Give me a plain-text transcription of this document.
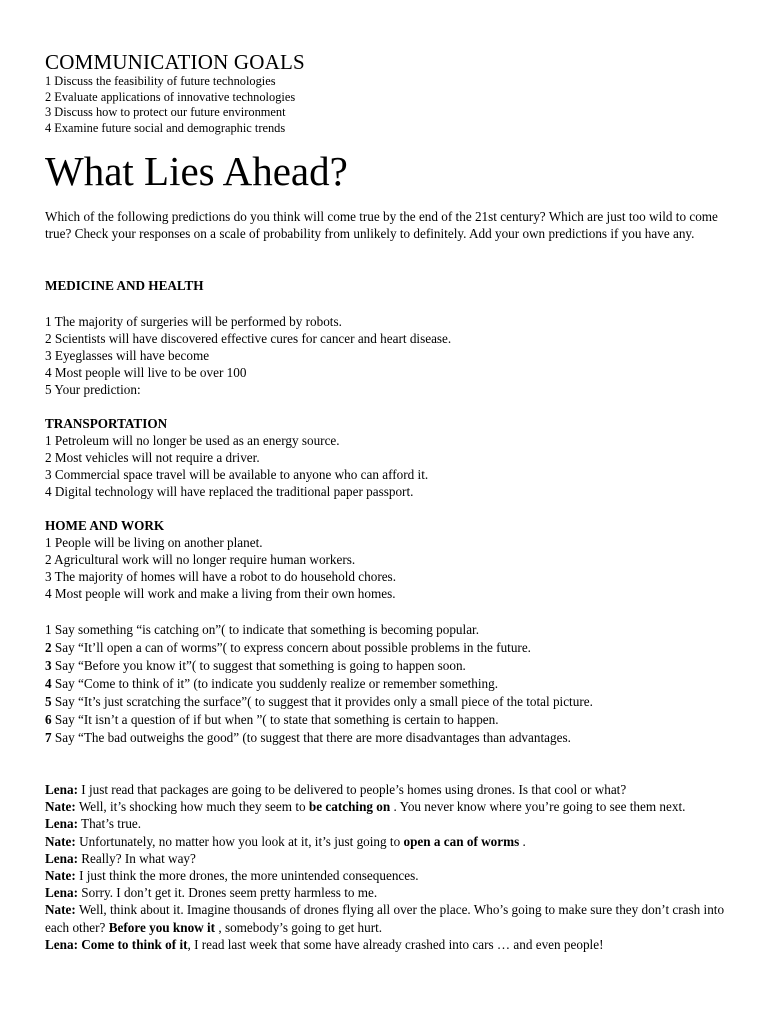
COMMUNICATION GOALS
1 Discuss the feasibility of future technologies
2 Evaluate applications of innovative technologies
3 Discuss how to protect our future environment
4 Examine future social and demographic trends
What Lies Ahead?
Which of the following predictions do you think will come true by the end of the 21st century? Which are just too wild to come true? Check your responses on a scale of probability from unlikely to definitely. Add your own predictions if you have any.
MEDICINE AND HEALTH
1 The majority of surgeries will be performed by robots.
2 Scientists will have discovered effective cures for cancer and heart disease.
3 Eyeglasses will have become
4 Most people will live to be over 100
5 Your prediction:
TRANSPORTATION
1 Petroleum will no longer be used as an energy source.
2 Most vehicles will not require a driver.
3 Commercial space travel will be available to anyone who can afford it.
4 Digital technology will have replaced the traditional paper passport.
HOME AND WORK
1 People will be living on another planet.
2 Agricultural work will no longer require human workers.
3 The majority of homes will have a robot to do household chores.
4 Most people will work and make a living from their own homes.
1 Say something “is catching on”( to indicate that something is becoming popular.
2 Say “It’ll open a can of worms”( to express concern about possible problems in the future.
3 Say “Before you know it”( to suggest that something is going to happen soon.
4 Say “Come to think of it” (to indicate you suddenly realize or remember something.
5 Say “It’s just scratching the surface”( to suggest that it provides only a small piece of the total picture.
6 Say “It isn’t a question of if but when ”( to state that something is certain to happen.
7 Say “The bad outweighs the good” (to suggest that there are more disadvantages than advantages.
Lena: I just read that packages are going to be delivered to people’s homes using drones. Is that cool or what?
Nate: Well, it’s shocking how much they seem to be catching on . You never know where you’re going to see them next.
Lena: That’s true.
Nate: Unfortunately, no matter how you look at it, it’s just going to open a can of worms .
Lena: Really? In what way?
Nate: I just think the more drones, the more unintended consequences.
Lena: Sorry. I don’t get it. Drones seem pretty harmless to me.
Nate: Well, think about it. Imagine thousands of drones flying all over the place. Who’s going to make sure they don’t crash into each other? Before you know it , somebody’s going to get hurt.
Lena: Come to think of it, I read last week that some have already crashed into cars … and even people!
